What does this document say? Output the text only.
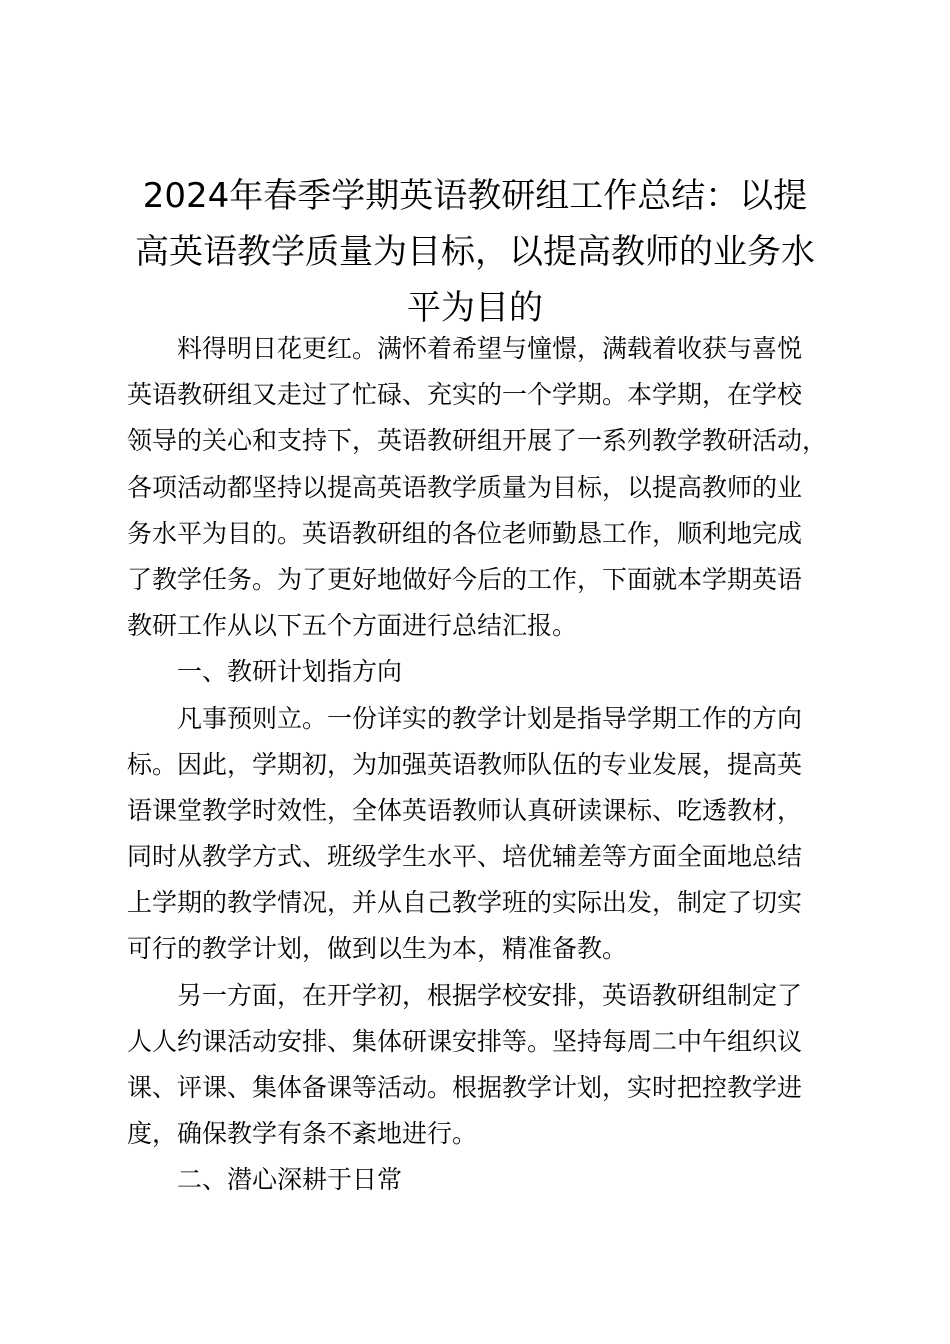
2024年春季学期英语教研组工作总结：以提
高英语教学质量为目标，以提高教师的业务水
平为目的
料得明日花更红。满怀着希望与憧憬，满载着收获与喜悦
英语教研组又走过了忙碌、充实的一个学期。本学期，在学校
领导的关心和支持下，英语教研组开展了一系列教学教研活动，
各项活动都坚持以提高英语教学质量为目标，以提高教师的业
务水平为目的。英语教研组的各位老师勤恳工作，顺利地完成
了教学任务。为了更好地做好今后的工作，下面就本学期英语
教研工作从以下五个方面进行总结汇报。
一、教研计划指方向
凡事预则立。一份详实的教学计划是指导学期工作的方向
标。因此，学期初，为加强英语教师队伍的专业发展，提高英
语课堂教学时效性，全体英语教师认真研读课标、吃透教材，
同时从教学方式、班级学生水平、培优辅差等方面全面地总结
上学期的教学情况，并从自己教学班的实际出发，制定了切实
可行的教学计划，做到以生为本，精准备教。
另一方面，在开学初，根据学校安排，英语教研组制定了
人人约课活动安排、集体研课安排等。坚持每周二中午组织议
课、评课、集体备课等活动。根据教学计划，实时把控教学进
度，确保教学有条不紊地进行。
二、潜心深耕于日常
